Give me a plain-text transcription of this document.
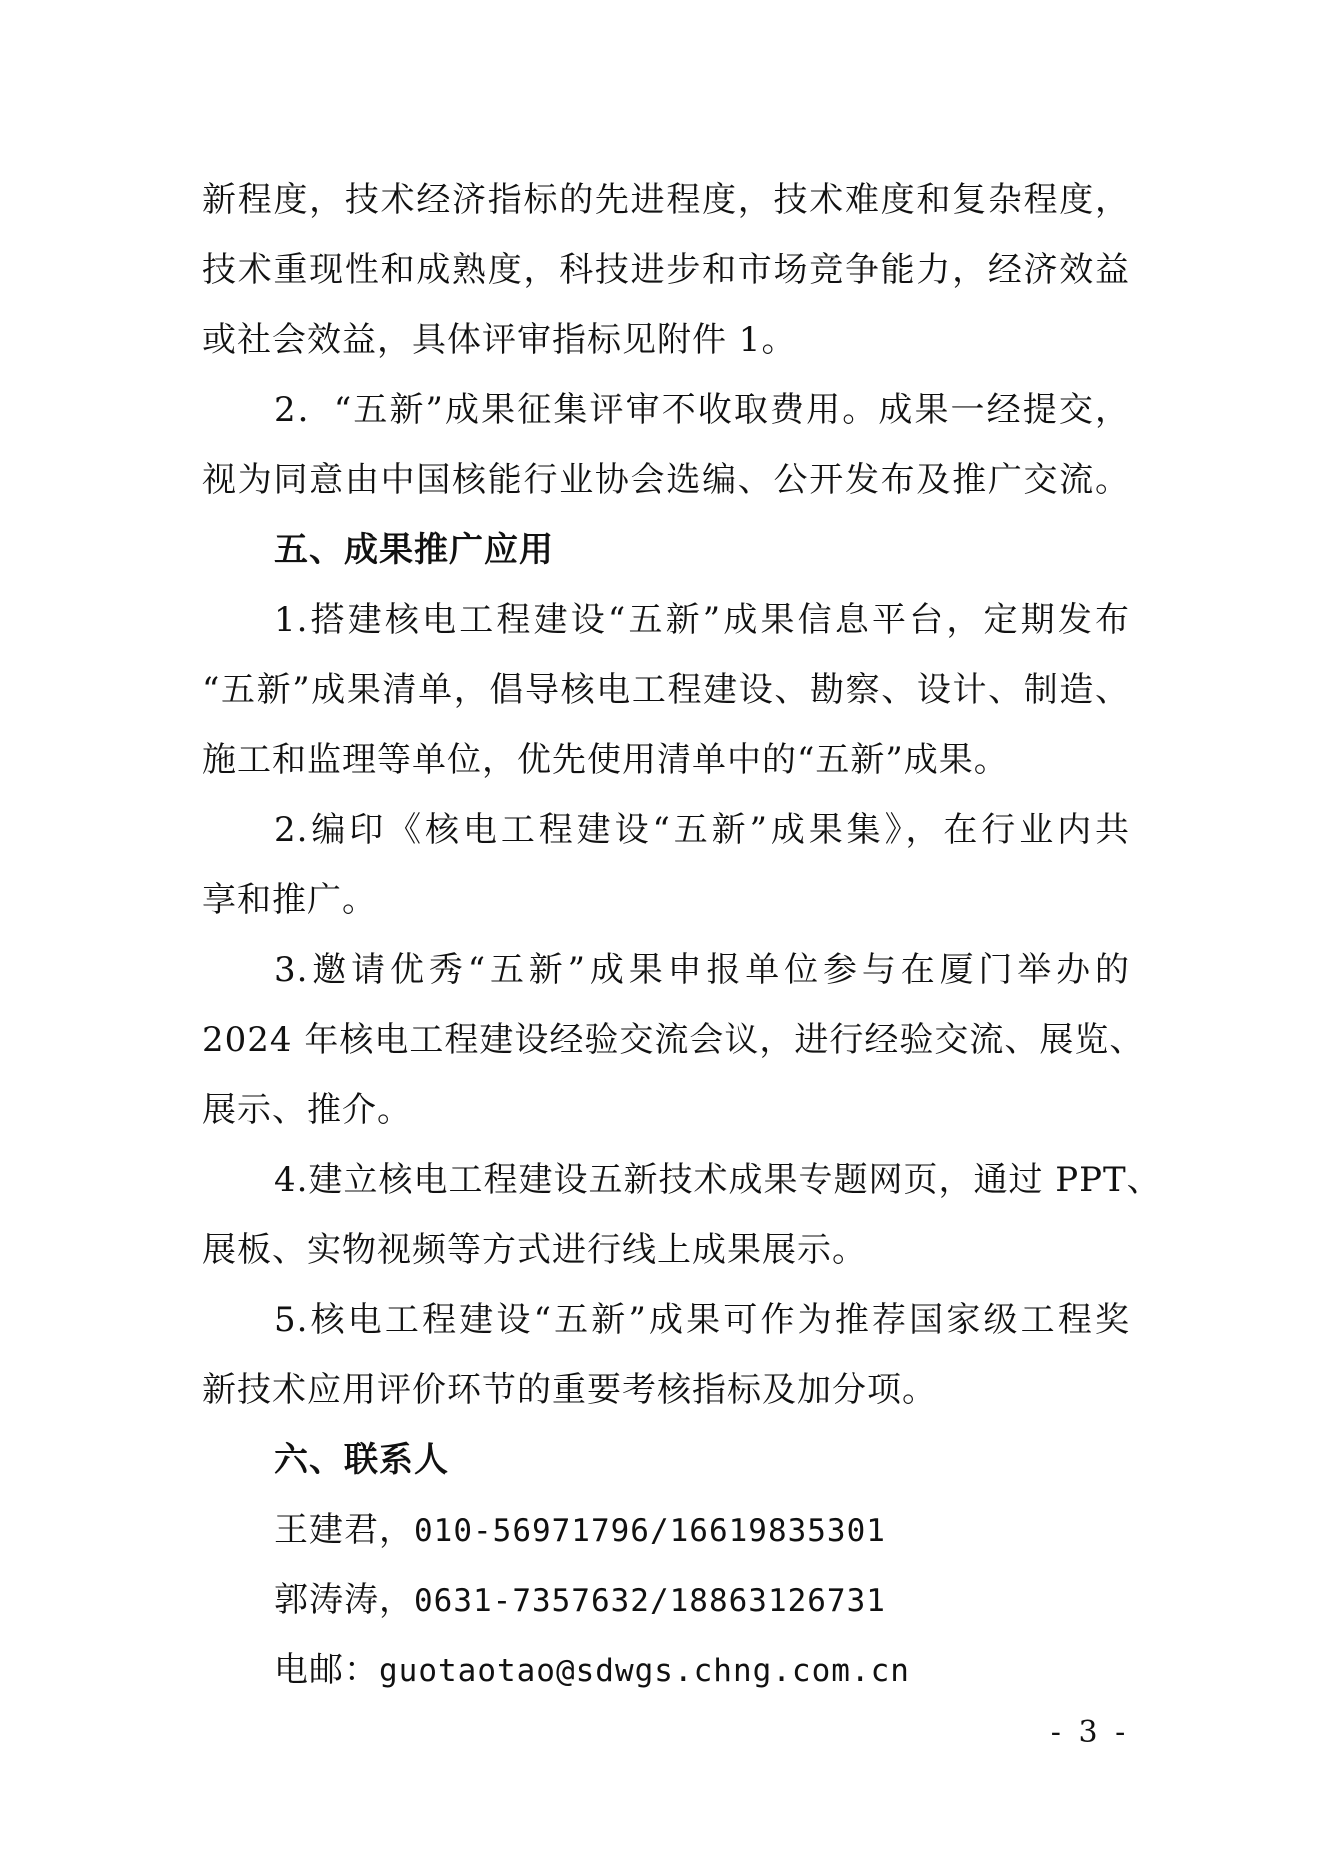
新程度，技术经济指标的先进程度，技术难度和复杂程度，
技术重现性和成熟度，科技进步和市场竞争能力，经济效益
或社会效益，具体评审指标见附件 1。
2．“五新”成果征集评审不收取费用。成果一经提交，
视为同意由中国核能行业协会选编、公开发布及推广交流。
五、成果推广应用
1.搭建核电工程建设“五新”成果信息平台，定期发布
“五新”成果清单，倡导核电工程建设、勘察、设计、制造、
施工和监理等单位，优先使用清单中的“五新”成果。
2.编印《核电工程建设“五新”成果集》，在行业内共
享和推广。
3.邀请优秀“五新”成果申报单位参与在厦门举办的
2024 年核电工程建设经验交流会议，进行经验交流、展览、
展示、推介。
4.建立核电工程建设五新技术成果专题网页，通过 PPT、
展板、实物视频等方式进行线上成果展示。
5.核电工程建设“五新”成果可作为推荐国家级工程奖
新技术应用评价环节的重要考核指标及加分项。
六、联系人
王建君，010-56971796/16619835301
郭涛涛，0631-7357632/18863126731
电邮：guotaotao@sdwgs.chng.com.cn
- 3 -
